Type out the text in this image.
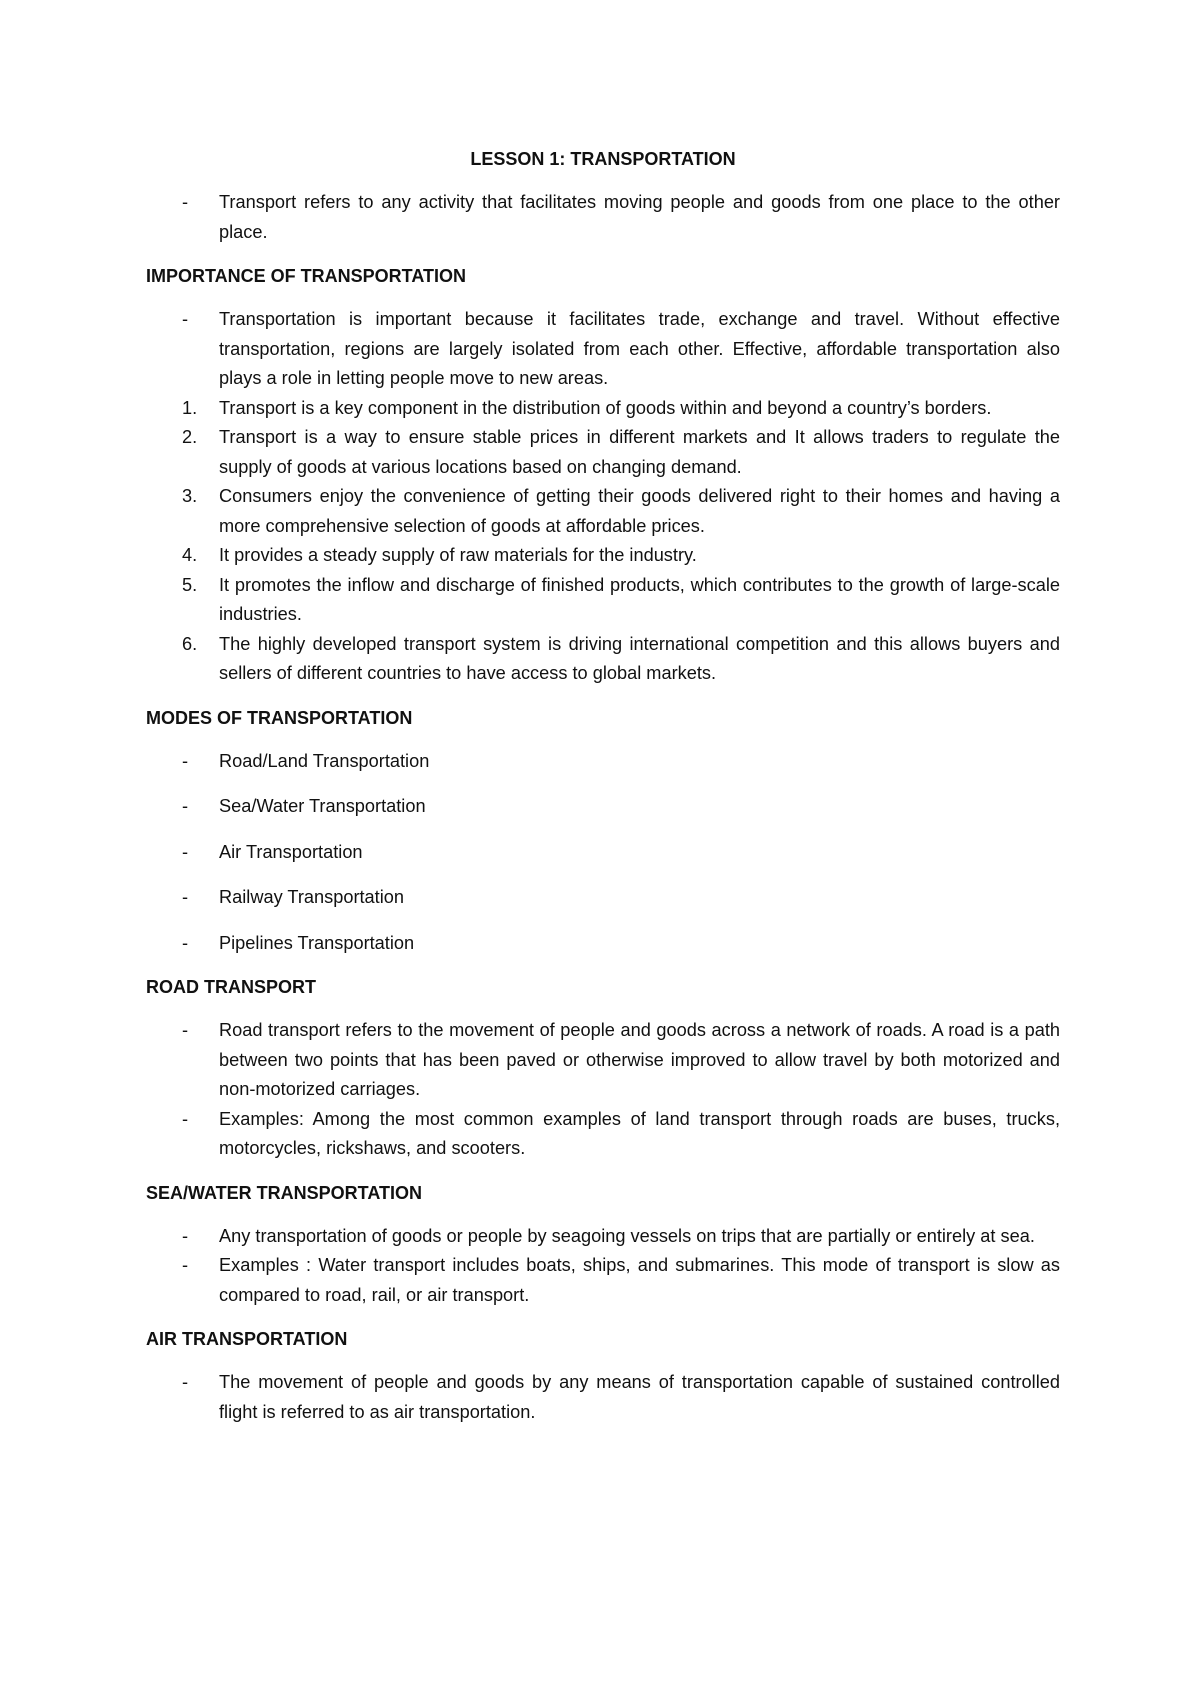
LESSON 1: TRANSPORTATION
-	Transport refers to any activity that facilitates moving people and goods from one place to the other place.
IMPORTANCE OF TRANSPORTATION
-	Transportation is important because it facilitates trade, exchange and travel. Without effective transportation, regions are largely isolated from each other. Effective, affordable transportation also plays a role in letting people move to new areas.
1.	Transport is a key component in the distribution of goods within and beyond a country’s borders.
2.	Transport is a way to ensure stable prices in different markets and It allows traders to regulate the supply of goods at various locations based on changing demand.
3.	Consumers enjoy the convenience of getting their goods delivered right to their homes and having a more comprehensive selection of goods at affordable prices.
4.	It provides a steady supply of raw materials for the industry.
5.	It promotes the inflow and discharge of finished products, which contributes to the growth of large-scale industries.
6.	The highly developed transport system is driving international competition and this allows buyers and sellers of different countries to have access to global markets.
MODES OF TRANSPORTATION
-	Road/Land Transportation
-	Sea/Water Transportation
-	Air Transportation
-	Railway Transportation
-	Pipelines Transportation
ROAD TRANSPORT
-	Road transport refers to the movement of people and goods across a network of roads. A road is a path between two points that has been paved or otherwise improved to allow travel by both motorized and non-motorized carriages.
-	Examples: Among the most common examples of land transport through roads are buses, trucks, motorcycles, rickshaws, and scooters.
SEA/WATER TRANSPORTATION
-	Any transportation of goods or people by seagoing vessels on trips that are partially or entirely at sea.
-	Examples : Water transport includes boats, ships, and submarines. This mode of transport is slow as compared to road, rail, or air transport.
AIR TRANSPORTATION
-	The movement of people and goods by any means of transportation capable of sustained controlled flight is referred to as air transportation.
